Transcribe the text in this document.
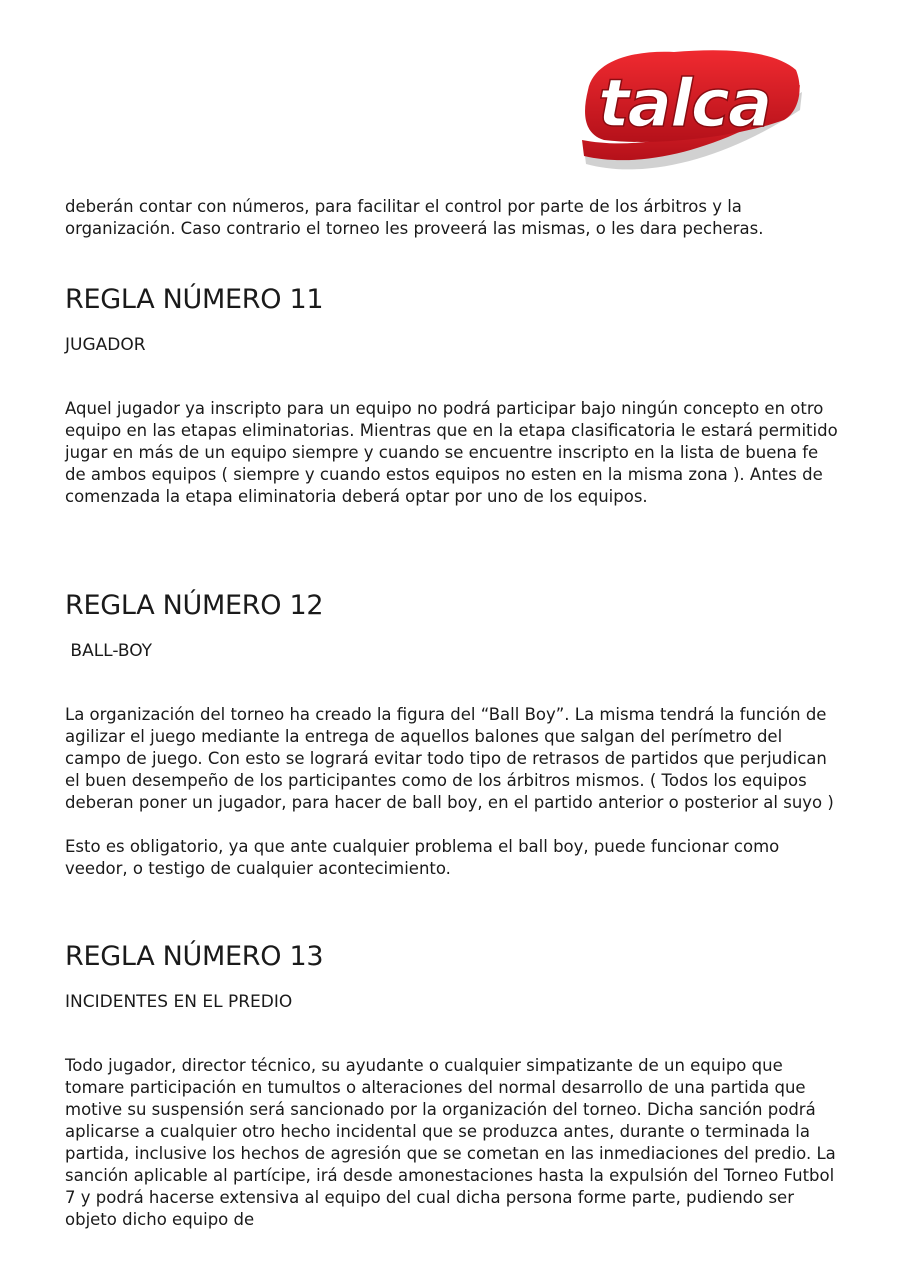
talca

deberán contar con números, para facilitar el control por parte de los árbitros y la organización. Caso contrario el torneo les proveerá las mismas, o les dara pecheras.

REGLA NÚMERO 11
JUGADOR

Aquel jugador ya inscripto para un equipo no podrá participar bajo ningún concepto en otro equipo en las etapas eliminatorias. Mientras que en la etapa clasificatoria le estará permitido jugar en más de un equipo siempre y cuando se encuentre inscripto en la lista de buena fe de ambos equipos ( siempre y cuando estos equipos no esten en la misma zona ). Antes de comenzada la etapa eliminatoria deberá optar por uno de los equipos.

REGLA NÚMERO 12
BALL-BOY

La organización del torneo ha creado la figura del “Ball Boy”. La misma tendrá la función de agilizar el juego mediante la entrega de aquellos balones que salgan del perímetro del campo de juego. Con esto se logrará evitar todo tipo de retrasos de partidos que perjudican el buen desempeño de los participantes como de los árbitros mismos. ( Todos los equipos deberan poner un jugador, para hacer de ball boy, en el partido anterior o posterior al suyo )

Esto es obligatorio, ya que ante cualquier problema el ball boy, puede funcionar como veedor, o testigo de cualquier acontecimiento.

REGLA NÚMERO 13
INCIDENTES EN EL PREDIO

Todo jugador, director técnico, su ayudante o cualquier simpatizante de un equipo que tomare participación en tumultos o alteraciones del normal desarrollo de una partida que motive su suspensión será sancionado por la organización del torneo. Dicha sanción podrá aplicarse a cualquier otro hecho incidental que se produzca antes, durante o terminada la partida, inclusive los hechos de agresión que se cometan en las inmediaciones del predio. La sanción aplicable al partícipe, irá desde amonestaciones hasta la expulsión del Torneo Futbol 7 y podrá hacerse extensiva al equipo del cual dicha persona forme parte, pudiendo ser objeto dicho equipo de
